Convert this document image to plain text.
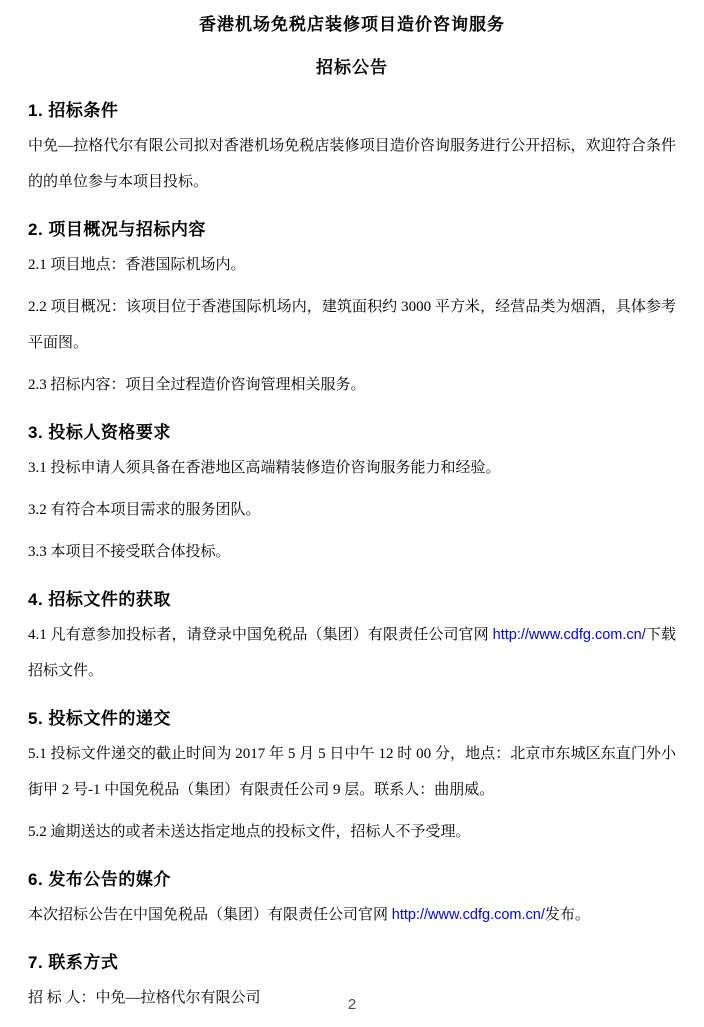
香港机场免税店装修项目造价咨询服务
招标公告
1. 招标条件

中免—拉格代尔有限公司拟对香港机场免税店装修项目造价咨询服务进行公开招标，欢迎符合条件的的单位参与本项目投标。

2. 项目概况与招标内容

2.1 项目地点：香港国际机场内。

2.2 项目概况：该项目位于香港国际机场内，建筑面积约 3000 平方米，经营品类为烟酒，具体参考平面图。

2.3 招标内容：项目全过程造价咨询管理相关服务。

3. 投标人资格要求

3.1 投标申请人须具备在香港地区高端精装修造价咨询服务能力和经验。

3.2 有符合本项目需求的服务团队。

3.3 本项目不接受联合体投标。

4. 招标文件的获取

4.1 凡有意参加投标者，请登录中国免税品（集团）有限责任公司官网 http://www.cdfg.com.cn/下载招标文件。

5. 投标文件的递交

5.1 投标文件递交的截止时间为 2017 年 5 月 5 日中午 12 时 00 分，地点：北京市东城区东直门外小街甲 2 号-1 中国免税品（集团）有限责任公司 9 层。联系人：曲朋威。

5.2 逾期送达的或者未送达指定地点的投标文件，招标人不予受理。

6. 发布公告的媒介

本次招标公告在中国免税品（集团）有限责任公司官网 http://www.cdfg.com.cn/发布。

7. 联系方式

招 标 人：中免—拉格代尔有限公司	2
